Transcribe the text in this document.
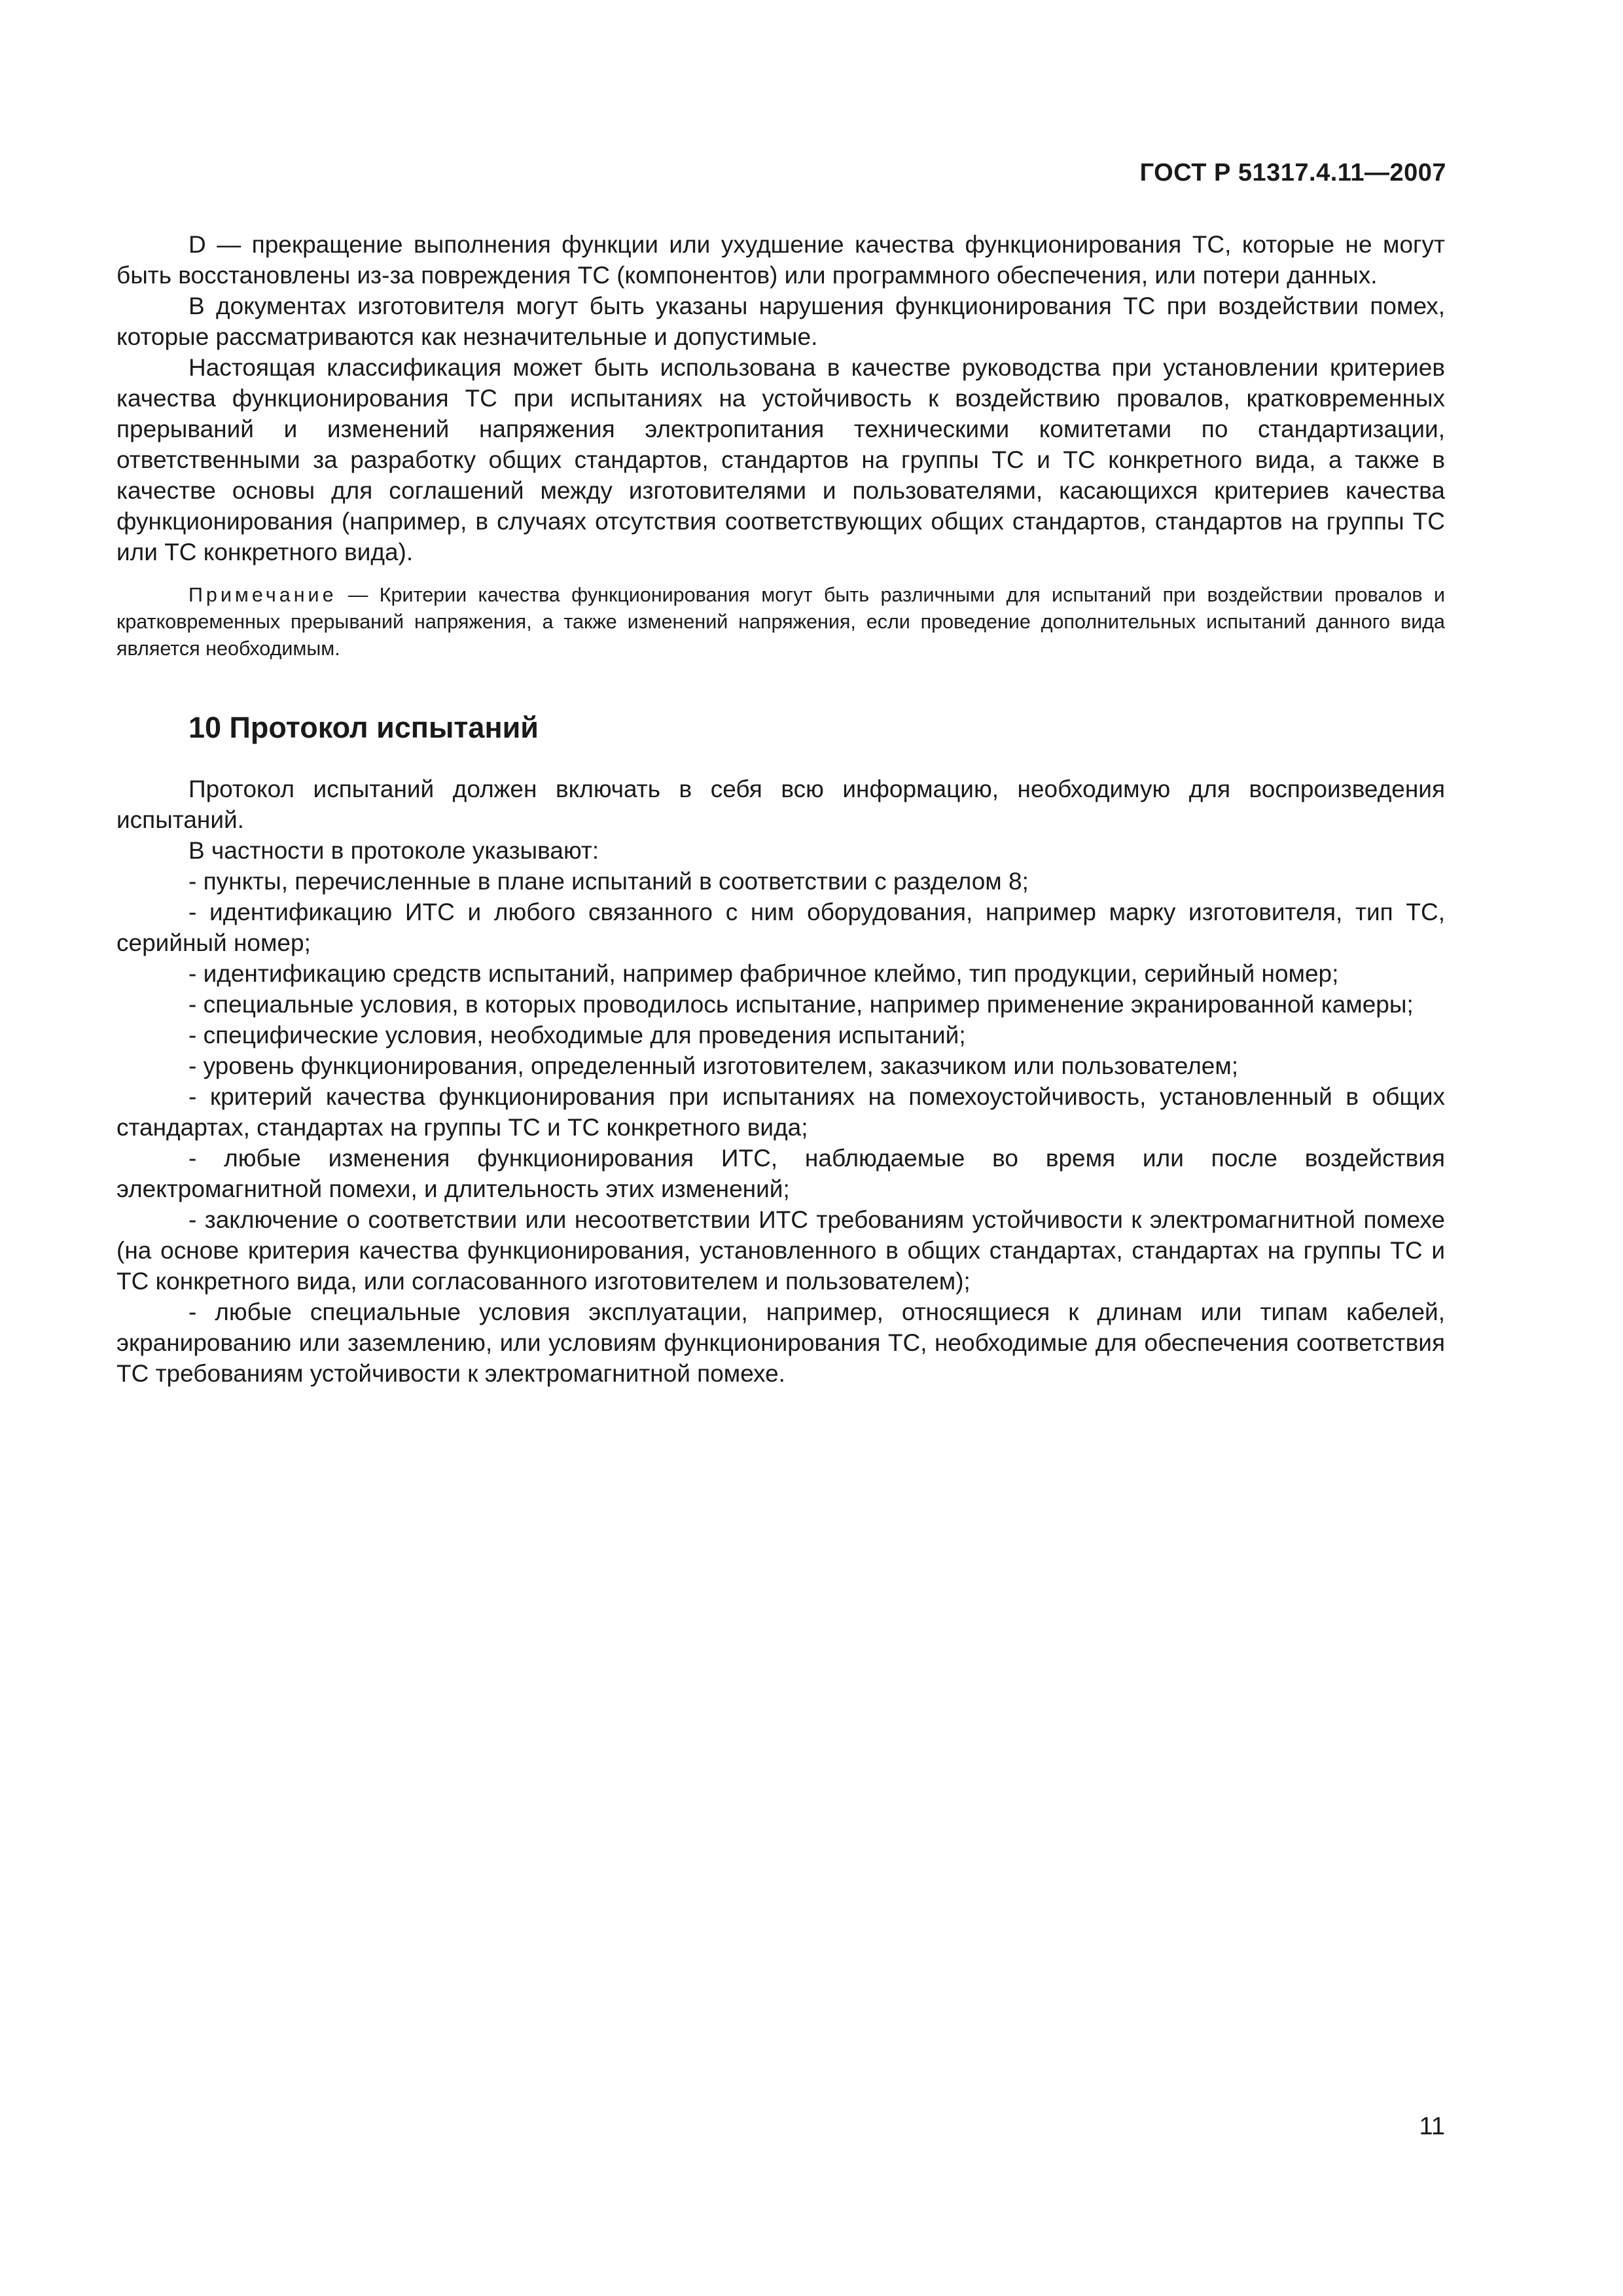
ГОСТ Р 51317.4.11—2007

D — прекращение выполнения функции или ухудшение качества функционирования ТС, которые не могут быть восстановлены из-за повреждения ТС (компонентов) или программного обеспечения, или потери данных.

В документах изготовителя могут быть указаны нарушения функционирования ТС при воздействии помех, которые рассматриваются как незначительные и допустимые.

Настоящая классификация может быть использована в качестве руководства при установлении критериев качества функционирования ТС при испытаниях на устойчивость к воздействию провалов, кратковременных прерываний и изменений напряжения электропитания техническими комитетами по стандартизации, ответственными за разработку общих стандартов, стандартов на группы ТС и ТС конкретного вида, а также в качестве основы для соглашений между изготовителями и пользователями, касающихся критериев качества функционирования (например, в случаях отсутствия соответствующих общих стандартов, стандартов на группы ТС или ТС конкретного вида).

Примечание — Критерии качества функционирования могут быть различными для испытаний при воздействии провалов и кратковременных прерываний напряжения, а также изменений напряжения, если проведение дополнительных испытаний данного вида является необходимым.

10 Протокол испытаний

Протокол испытаний должен включать в себя всю информацию, необходимую для воспроизведения испытаний.

В частности в протоколе указывают:

- пункты, перечисленные в плане испытаний в соответствии с разделом 8;

- идентификацию ИТС и любого связанного с ним оборудования, например марку изготовителя, тип ТС, серийный номер;

- идентификацию средств испытаний, например фабричное клеймо, тип продукции, серийный номер;

- специальные условия, в которых проводилось испытание, например применение экранированной камеры;

- специфические условия, необходимые для проведения испытаний;

- уровень функционирования, определенный изготовителем, заказчиком или пользователем;

- критерий качества функционирования при испытаниях на помехоустойчивость, установленный в общих стандартах, стандартах на группы ТС и ТС конкретного вида;

- любые изменения функционирования ИТС, наблюдаемые во время или после воздействия электромагнитной помехи, и длительность этих изменений;

- заключение о соответствии или несоответствии ИТС требованиям устойчивости к электромагнитной помехе (на основе критерия качества функционирования, установленного в общих стандартах, стандартах на группы ТС и ТС конкретного вида, или согласованного изготовителем и пользователем);

- любые специальные условия эксплуатации, например, относящиеся к длинам или типам кабелей, экранированию или заземлению, или условиям функционирования ТС, необходимые для обеспечения соответствия ТС требованиям устойчивости к электромагнитной помехе.

11
